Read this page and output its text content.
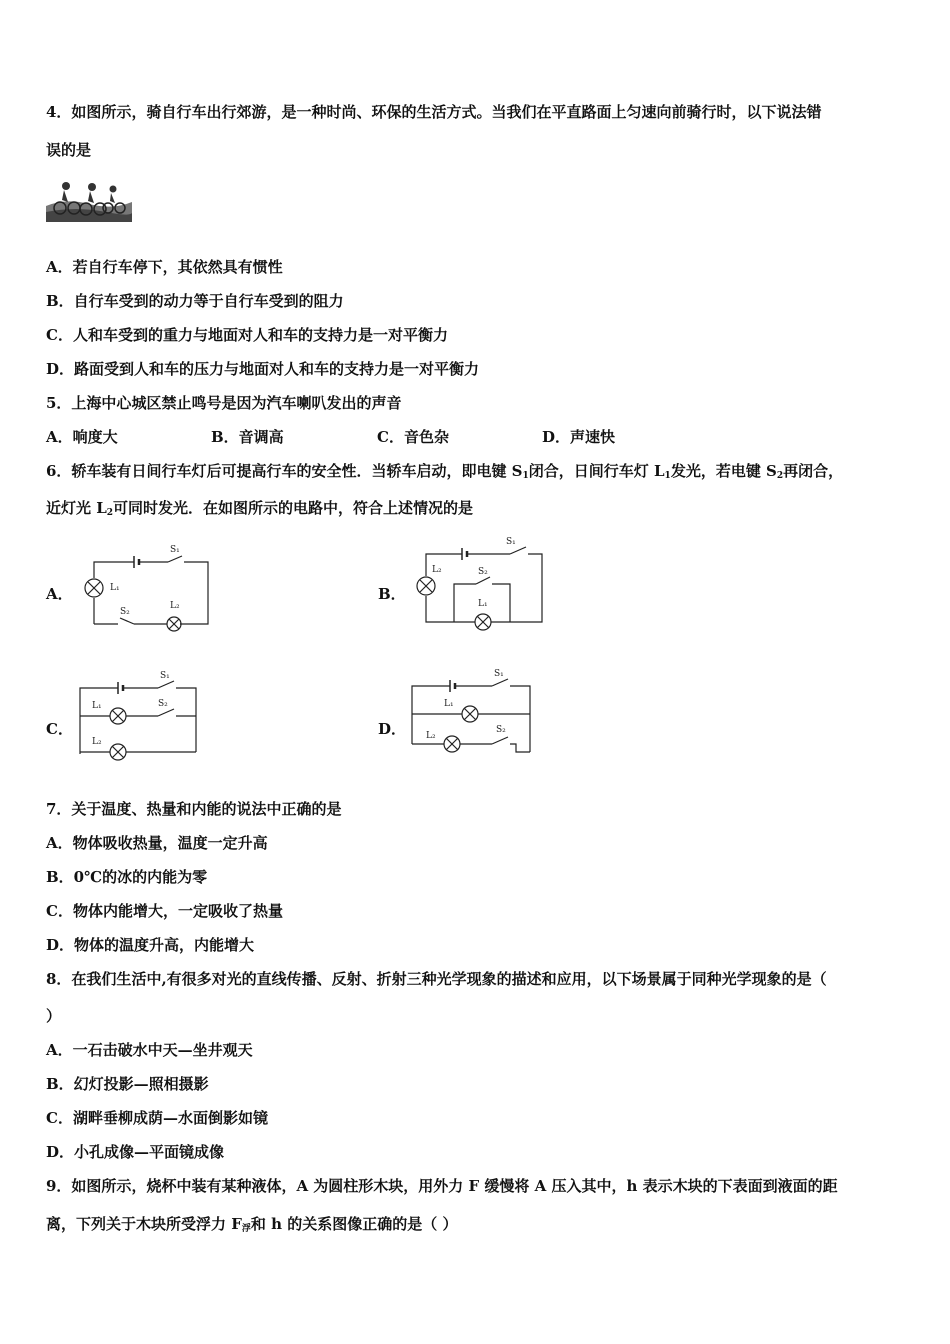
4．如图所示，骑自行车出行郊游，是一种时尚、环保的生活方式。当我们在平直路面上匀速向前骑行时，以下说法错
误的是
A．若自行车停下，其依然具有惯性
B．自行车受到的动力等于自行车受到的阻力
C．人和车受到的重力与地面对人和车的支持力是一对平衡力
D．路面受到人和车的压力与地面对人和车的支持力是一对平衡力
5．上海中心城区禁止鸣号是因为汽车喇叭发出的声音
A．响度大	B．音调高	C．音色杂	D．声速快
6．轿车装有日间行车灯后可提高行车的安全性．当轿车启动，即电键 $S_1$闭合，日间行车灯 $L_1$发光，若电键 $S_2$再闭合，
近灯光 $L_2$可同时发光．在如图所示的电路中，符合上述情况的是
A．
S₁
L₁
S₂
L₂
B．
S₁
L₂	S₂
L₁
C．
S₁
L₁	S₂
L₂
D．
S₁
L₁
L₂
S₂
7．关于温度、热量和内能的说法中正确的是
A．物体吸收热量，温度一定升高
B．0℃的冰的内能为零
C．物体内能增大，一定吸收了热量
D．物体的温度升高，内能增大
8．在我们生活中,有很多对光的直线传播、反射、折射三种光学现象的描述和应用，以下场景属于同种光学现象的是（
）
A．一石击破水中天—坐井观天
B．幻灯投影—照相摄影
C．湖畔垂柳成荫—水面倒影如镜
D．小孔成像—平面镜成像
9．如图所示，烧杯中装有某种液体，A 为圆柱形木块，用外力 F 缓慢将 A 压入其中，h 表示木块的下表面到液面的距
离，下列关于木块所受浮力 $F_浮$和 h 的关系图像正确的是（ ）
